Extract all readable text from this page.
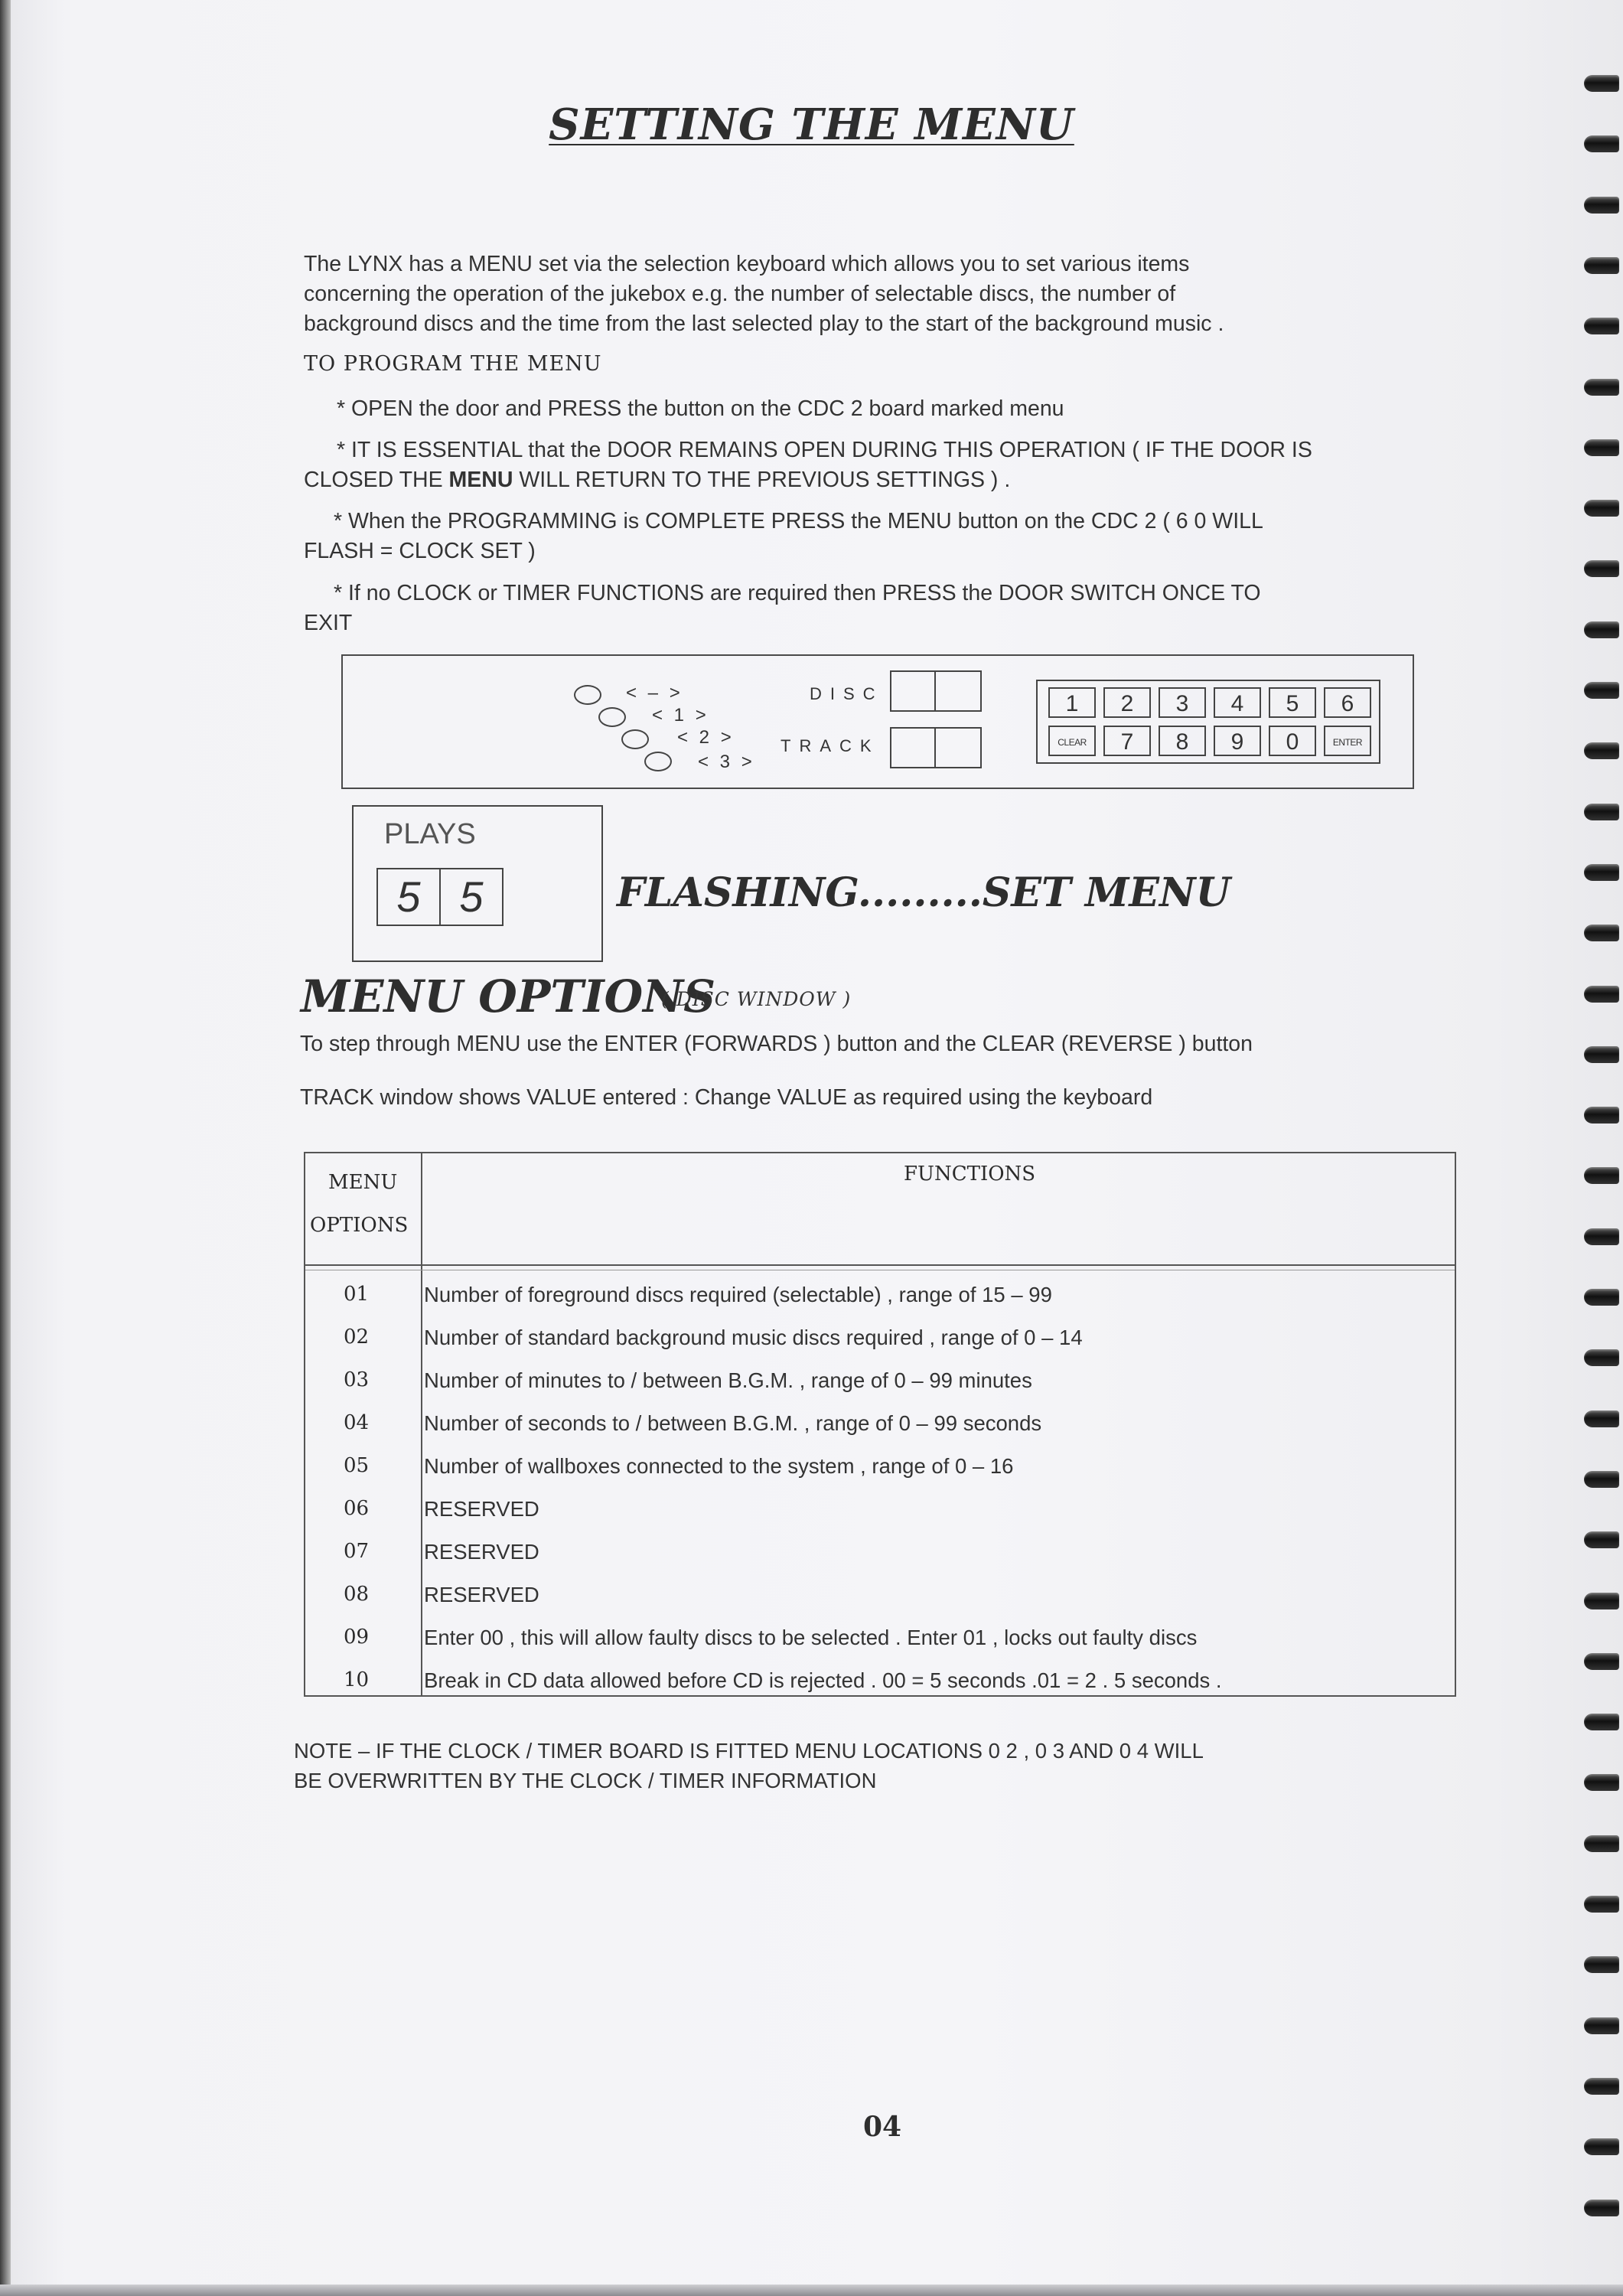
SETTING THE MENU
The LYNX has a MENU set via the selection keyboard which allows you to set various items
concerning the operation of the jukebox e.g. the number of selectable discs, the number of
background discs and the time from the last selected play to the start of the background music .
TO PROGRAM THE MENU
* OPEN the door and PRESS the button on the CDC 2 board marked menu
* IT IS ESSENTIAL that the DOOR REMAINS OPEN DURING THIS OPERATION ( IF THE DOOR IS
CLOSED THE MENU WILL RETURN TO THE PREVIOUS SETTINGS ) .
* When the PROGRAMMING is COMPLETE PRESS the MENU button on the CDC 2 ( 6 0 WILL
FLASH = CLOCK SET )
* If no CLOCK or TIMER FUNCTIONS are required then PRESS the DOOR SWITCH ONCE TO
EXIT
< – >
< 1 >
< 2 >
< 3 >
DISC
TRACK
1	2	3	4	5	6
CLEAR	7	8	9	0	ENTER
PLAYS
5 5	FLASHING.........SET MENU
MENU OPTIONS
( DISC WINDOW )
To step through MENU use the ENTER (FORWARDS ) button and the CLEAR (REVERSE ) button
TRACK window shows VALUE entered : Change VALUE as required using the keyboard
MENU
OPTIONS
FUNCTIONS
01	Number of foreground discs required (selectable) , range of 15 – 99
02	Number of standard background music discs required , range of 0 – 14
03	Number of minutes to / between B.G.M. , range of 0 – 99 minutes
04	Number of seconds to / between B.G.M. , range of 0 – 99 seconds
05	Number of wallboxes connected to the system , range of 0 – 16
06	RESERVED
07	RESERVED
08	RESERVED
09	Enter 00 , this will allow faulty discs to be selected . Enter 01 , locks out faulty discs
10	Break in CD data allowed before CD is rejected . 00 = 5 seconds .01 = 2 . 5 seconds .
NOTE – IF THE CLOCK / TIMER BOARD IS FITTED MENU LOCATIONS 0 2 , 0 3 AND 0 4 WILL
BE OVERWRITTEN BY THE CLOCK / TIMER INFORMATION
04
